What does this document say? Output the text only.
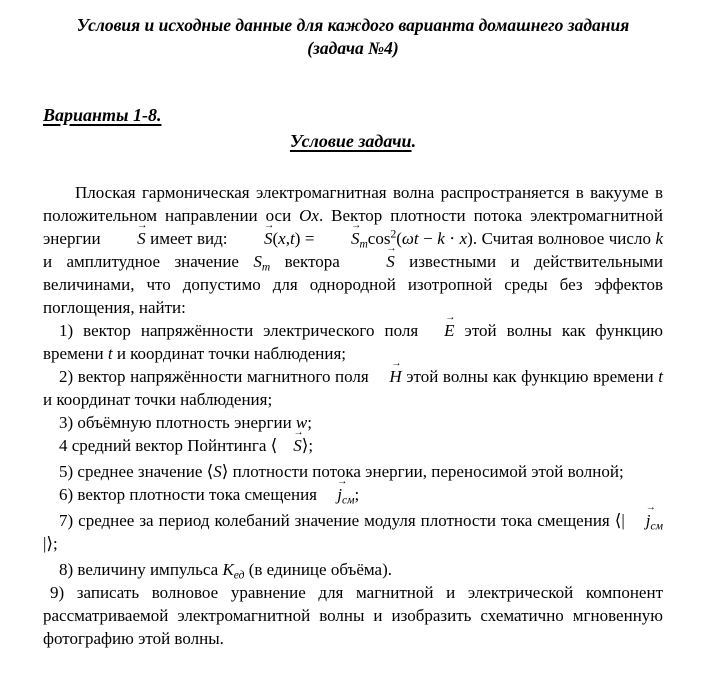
Условия и исходные данные для каждого варианта домашнего задания
(задача №4)
Варианты 1-8.
Условие задачи.

Плоская гармоническая электромагнитная волна распространяется в вакууме в положительном направлении оси Ox. Вектор плотности потока электромагнитной энергии S → имеет вид: $S \to(x,t) = S \to_m\cos^2(\omega t - k \cdot x)$. Считая волновое число k и амплитудное значение $S_m$ вектора S → известными и действительными величинами, что допустимо для однородной изотропной среды без эффектов поглощения, найти:

1) вектор напряжённости электрического поля E → этой волны как функцию времени t и координат точки наблюдения;

2) вектор напряжённости магнитного поля H → этой волны как функцию времени t и координат точки наблюдения;

3) объёмную плотность энергии w;

4 средний вектор Пойнтинга ⟨ S →⟩;

5) среднее значение ⟨S⟩ плотности потока энергии, переносимой этой волной;

6) вектор плотности тока смещения $j \to_{см}$;

7) среднее за период колебаний значение модуля плотности тока смещения ⟨| $j \to_{см}$ |⟩;

8) величину импульса $K_{ед}$ (в единице объёма).

9) записать волновое уравнение для магнитной и электрической компонент рассматриваемой электромагнитной волны и изобразить схематично мгновенную фотографию этой волны.
